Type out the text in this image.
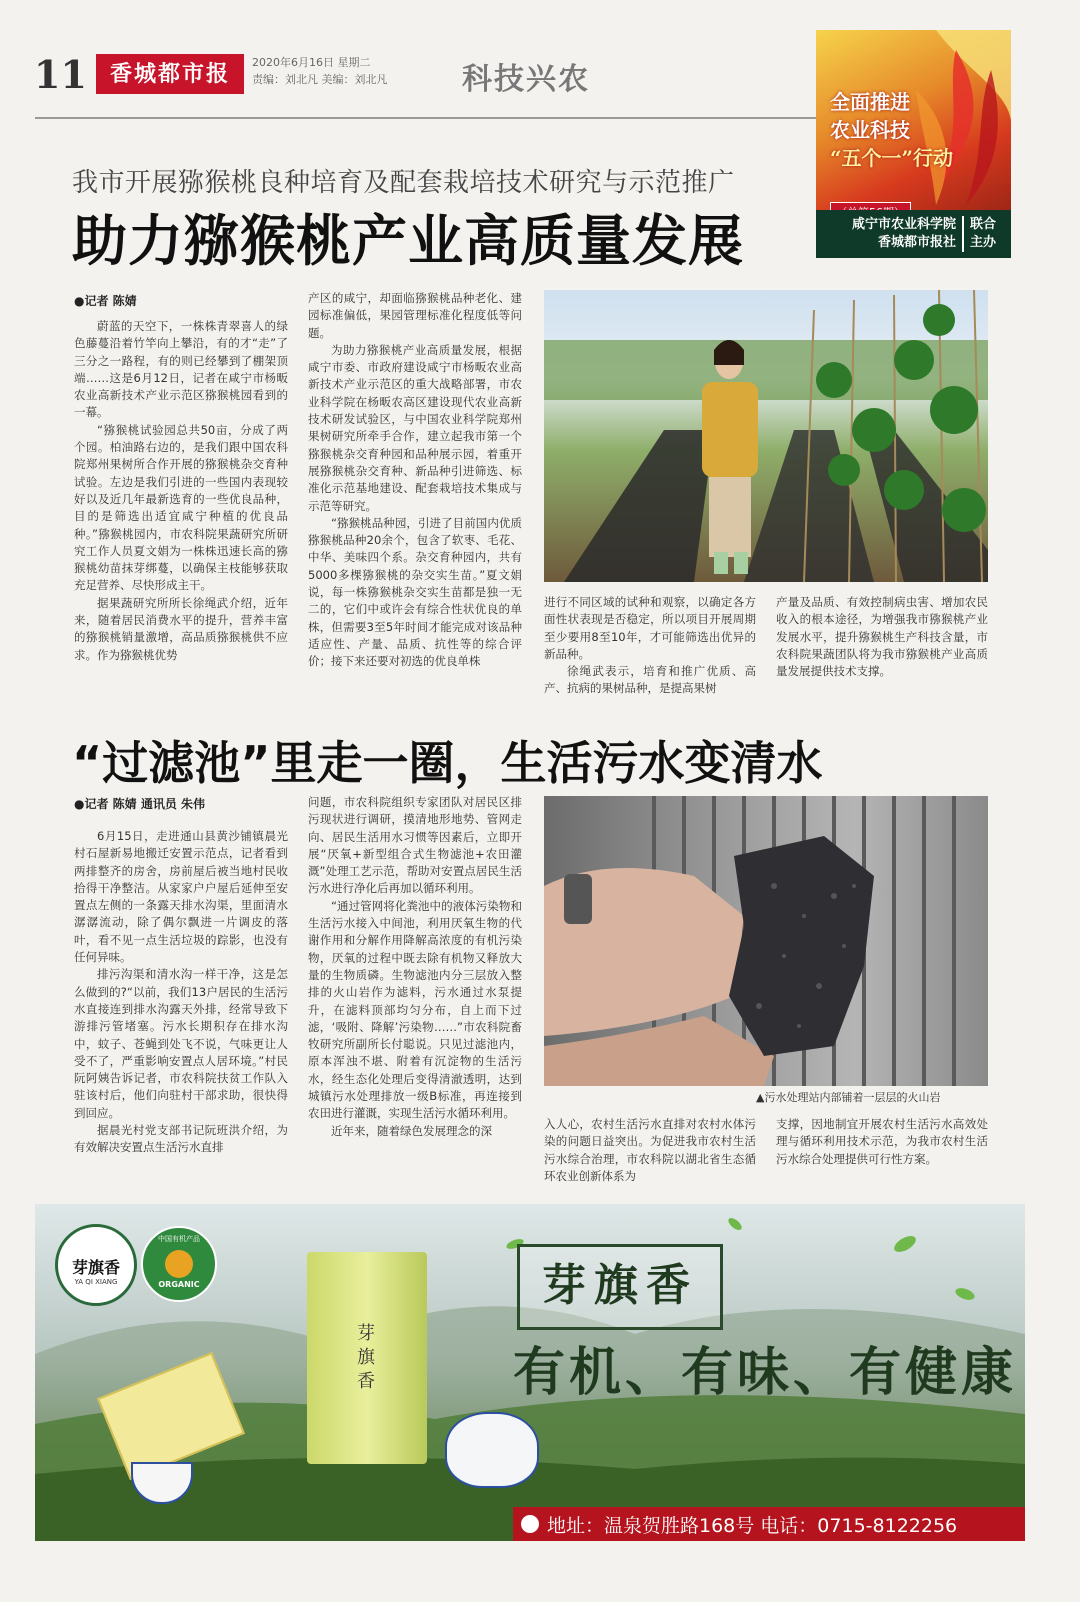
11	香城都市报	2020年6月16日 星期二
责编：刘北凡 美编：刘北凡 科技兴农
全面推进
农业科技
“五个一”行动
咸宁市农业科学院
香城都市报社
联合主办
我市开展猕猴桃良种培育及配套栽培技术研究与示范推广
助力猕猴桃产业高质量发展
●记者 陈婧

蔚蓝的天空下，一株株青翠喜人的绿色藤蔓沿着竹竿向上攀沿，有的才“走”了三分之一路程，有的则已经攀到了棚架顶端……这是6月12日，记者在咸宁市杨畈农业高新技术产业示范区猕猴桃园看到的一幕。

“猕猴桃试验园总共50亩，分成了两个园。柏油路右边的，是我们跟中国农科院郑州果树所合作开展的猕猴桃杂交育种试验。左边是我们引进的一些国内表现较好以及近几年最新选育的一些优良品种，目的是筛选出适宜咸宁种植的优良品种。”猕猴桃园内，市农科院果蔬研究所研究工作人员夏文娟为一株株迅速长高的猕猴桃幼苗抹芽绑蔓，以确保主枝能够获取充足营养、尽快形成主干。

据果蔬研究所所长徐绳武介绍，近年来，随着居民消费水平的提升，营养丰富的猕猴桃销量激增，高品质猕猴桃供不应求。作为猕猴桃优势

产区的咸宁，却面临猕猴桃品种老化、建园标准偏低，果园管理标准化程度低等问题。

为助力猕猴桃产业高质量发展，根据咸宁市委、市政府建设咸宁市杨畈农业高新技术产业示范区的重大战略部署，市农业科学院在杨畈农高区建设现代农业高新技术研发试验区，与中国农业科学院郑州果树研究所牵手合作，建立起我市第一个猕猴桃杂交育种园和品种展示园，着重开展猕猴桃杂交育种、新品种引进筛选、标准化示范基地建设、配套栽培技术集成与示范等研究。

“猕猴桃品种园，引进了目前国内优质猕猴桃品种20余个，包含了软枣、毛花、中华、美味四个系。杂交育种园内，共有5000多棵猕猴桃的杂交实生苗。”夏文娟说，每一株猕猴桃杂交实生苗都是独一无二的，它们中或许会有综合性状优良的单株，但需要3至5年时间才能完成对该品种适应性、产量、品质、抗性等的综合评价；接下来还要对初选的优良单株

进行不同区域的试种和观察，以确定各方面性状表现是否稳定，所以项目开展周期至少要用8至10年，才可能筛选出优异的新品种。

徐绳武表示，培育和推广优质、高产、抗病的果树品种，是提高果树

产量及品质、有效控制病虫害、增加农民收入的根本途径，为增强我市猕猴桃产业发展水平，提升猕猴桃生产科技含量，市农科院果蔬团队将为我市猕猴桃产业高质量发展提供技术支撑。

“过滤池”里走一圈，生活污水变清水
●记者 陈婧 通讯员 朱伟

6月15日，走进通山县黄沙铺镇晨光村石屋新易地搬迁安置示范点，记者看到两排整齐的房舍，房前屋后被当地村民收拾得干净整洁。从家家户户屋后延伸至安置点左侧的一条露天排水沟渠，里面清水潺潺流动，除了偶尔飘进一片调皮的落叶，看不见一点生活垃圾的踪影，也没有任何异味。

排污沟渠和清水沟一样干净，这是怎么做到的?“以前，我们13户居民的生活污水直接连到排水沟露天外排，经常导致下游排污管堵塞。污水长期积存在排水沟中，蚊子、苍蝇到处飞不说，气味更让人受不了，严重影响安置点人居环境。”村民阮阿姨告诉记者，市农科院扶贫工作队入驻该村后，他们向驻村干部求助，很快得到回应。

据晨光村党支部书记阮班洪介绍，为有效解决安置点生活污水直排

问题，市农科院组织专家团队对居民区排污现状进行调研，摸清地形地势、管网走向、居民生活用水习惯等因素后，立即开展“厌氧+新型组合式生物滤池+农田灌溉”处理工艺示范，帮助对安置点居民生活污水进行净化后再加以循环利用。

“通过管网将化粪池中的液体污染物和生活污水接入中间池，利用厌氧生物的代谢作用和分解作用降解高浓度的有机污染物，厌氧的过程中既去除有机物又释放大量的生物质磷。生物滤池内分三层放入整排的火山岩作为滤料，污水通过水泵提升，在滤料顶部均匀分布，自上而下过滤，‘吸附、降解’污染物……”市农科院畜牧研究所副所长付聪说。只见过滤池内，原本浑浊不堪、附着有沉淀物的生活污水，经生态化处理后变得清澈透明，达到城镇污水处理排放一级B标准，再连接到农田进行灌溉，实现生活污水循环利用。

近年来，随着绿色发展理念的深

▲污水处理站内部铺着一层层的火山岩

入人心，农村生活污水直排对农村水体污染的问题日益突出。为促进我市农村生活污水综合治理，市农科院以湖北省生态循环农业创新体系为

支撑，因地制宜开展农村生活污水高效处理与循环利用技术示范，为我市农村生活污水综合处理提供可行性方案。

芽旗香
YA QI XIANG
中国有机产品
ORGANIC
芽旗香
芽旗香
有机、有味、有健康
地址：温泉贺胜路168号 电话：0715-8122256
